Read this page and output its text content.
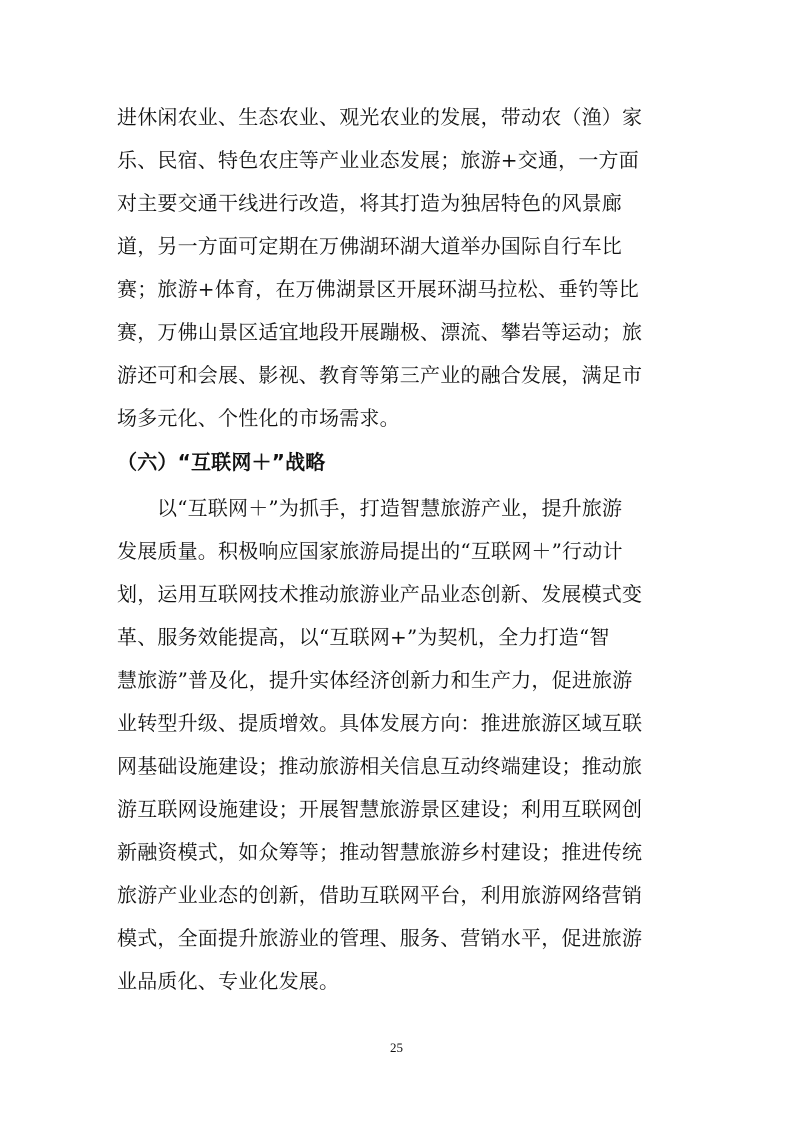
进休闲农业、生态农业、观光农业的发展，带动农（渔）家
乐、民宿、特色农庄等产业业态发展；旅游+交通，一方面
对主要交通干线进行改造，将其打造为独居特色的风景廊
道，另一方面可定期在万佛湖环湖大道举办国际自行车比
赛；旅游+体育，在万佛湖景区开展环湖马拉松、垂钓等比
赛，万佛山景区适宜地段开展蹦极、漂流、攀岩等运动；旅
游还可和会展、影视、教育等第三产业的融合发展，满足市
场多元化、个性化的市场需求。
（六）“互联网＋”战略
以“互联网＋”为抓手，打造智慧旅游产业，提升旅游
发展质量。积极响应国家旅游局提出的“互联网＋”行动计
划，运用互联网技术推动旅游业产品业态创新、发展模式变
革、服务效能提高，以“互联网+”为契机，全力打造“智
慧旅游”普及化，提升实体经济创新力和生产力，促进旅游
业转型升级、提质增效。具体发展方向：推进旅游区域互联
网基础设施建设；推动旅游相关信息互动终端建设；推动旅
游互联网设施建设；开展智慧旅游景区建设；利用互联网创
新融资模式，如众筹等；推动智慧旅游乡村建设；推进传统
旅游产业业态的创新，借助互联网平台，利用旅游网络营销
模式，全面提升旅游业的管理、服务、营销水平，促进旅游
业品质化、专业化发展。
25
